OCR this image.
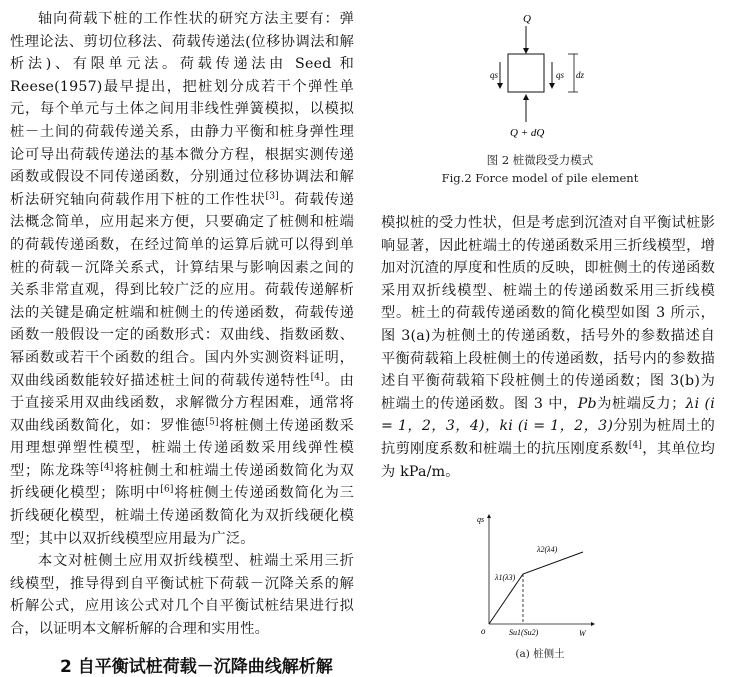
轴向荷载下桩的工作性状的研究方法主要有：弹性理论法、剪切位移法、荷载传递法(位移协调法和解析法)、有限单元法。荷载传递法由 Seed 和 Reese(1957)最早提出，把桩划分成若干个弹性单元，每个单元与土体之间用非线性弹簧模拟，以模拟桩－土间的荷载传递关系，由静力平衡和桩身弹性理论可导出荷载传递法的基本微分方程，根据实测传递函数或假设不同传递函数，分别通过位移协调法和解析法研究轴向荷载作用下桩的工作性状[3]。荷载传递法概念简单，应用起来方便，只要确定了桩侧和桩端的荷载传递函数，在经过简单的运算后就可以得到单桩的荷载－沉降关系式，计算结果与影响因素之间的关系非常直观，得到比较广泛的应用。荷载传递解析法的关键是确定桩端和桩侧土的传递函数，荷载传递函数一般假设一定的函数形式：双曲线、指数函数、幂函数或若干个函数的组合。国内外实测资料证明，双曲线函数能较好描述桩土间的荷载传递特性[4]。由于直接采用双曲线函数，求解微分方程困难，通常将双曲线函数简化，如：罗惟德[5]将桩侧土传递函数采用理想弹塑性模型，桩端土传递函数采用线弹性模型；陈龙珠等[4]将桩侧土和桩端土传递函数简化为双折线硬化模型；陈明中[6]将桩侧土传递函数简化为三折线硬化模型，桩端土传递函数简化为双折线硬化模型；其中以双折线模型应用最为广泛。

本文对桩侧土应用双折线模型、桩端土采用三折线模型，推导得到自平衡试桩下荷载－沉降关系的解析解公式，应用该公式对几个自平衡试桩结果进行拟合，以证明本文解析解的合理和实用性。

2 自平衡试桩荷载－沉降曲线解析解
Q
qs	qs dz
Q + dQ
图 2 桩微段受力模式
Fig.2 Force model of pile element

模拟桩的受力性状，但是考虑到沉渣对自平衡试桩影响显著，因此桩端土的传递函数采用三折线模型，增加对沉渣的厚度和性质的反映，即桩侧土的传递函数采用双折线模型、桩端土的传递函数采用三折线模型。桩土的荷载传递函数的简化模型如图 3 所示，图 3(a)为桩侧土的传递函数，括号外的参数描述自平衡荷载箱上段桩侧土的传递函数，括号内的参数描述自平衡荷载箱下段桩侧土的传递函数；图 3(b)为桩端土的传递函数。图 3 中，Pb为桩端反力；λi (i = 1，2，3，4)，ki (i = 1，2，3)分别为桩周土的抗剪刚度系数和桩端土的抗压刚度系数[4]，其单位均为 kPa/m。

qs
W
o
λ1(λ3)
λ2(λ4)
Su1(Su2)
(a) 桩侧土
